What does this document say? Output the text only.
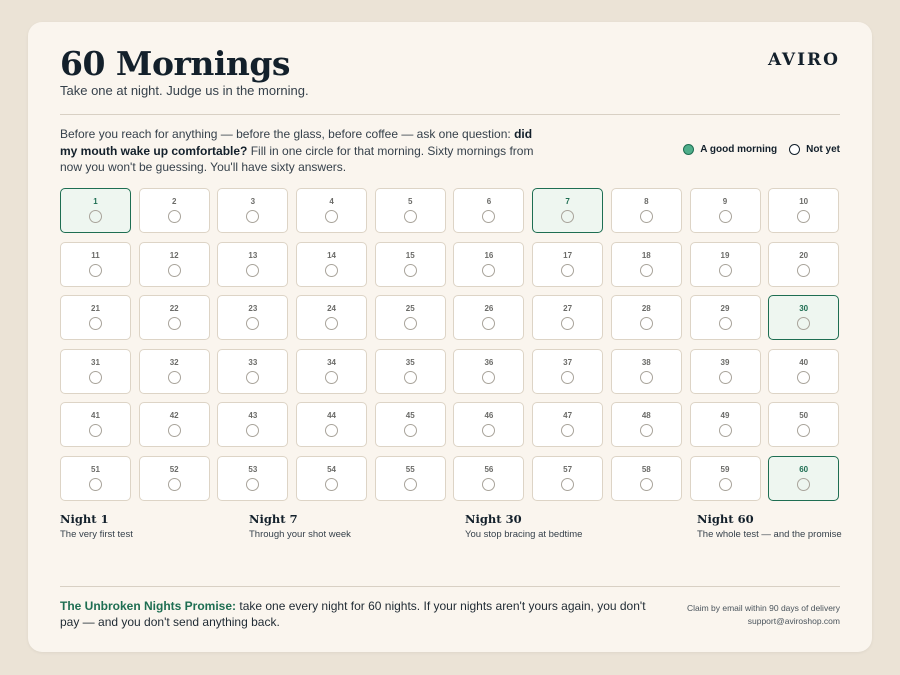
60 Mornings
Take one at night. Judge us in the morning.
AVIRO

Before you reach for anything — before the glass, before coffee — ask one question: did my mouth wake up comfortable? Fill in one circle for that morning. Sixty mornings from now you won't be guessing. You'll have sixty answers.

A good morning	Not yet
1	2	3	4	5	6	7	8	9	10
11	12	13	14	15	16	17	18	19	20
21	22	23	24	25	26	27	28	29	30
31	32	33	34	35	36	37	38	39	40
41	42	43	44	45	46	47	48	49	50
51	52	53	54	55	56	57	58	59	60
Night 1
The very first test
Night 7
Through your shot week
Night 30
You stop bracing at bedtime
Night 60
The whole test — and the promise

The Unbroken Nights Promise: take one every night for 60 nights. If your nights aren't yours again, you don't pay — and you don't send anything back.

Claim by email within 90 days of delivery
support@aviroshop.com
